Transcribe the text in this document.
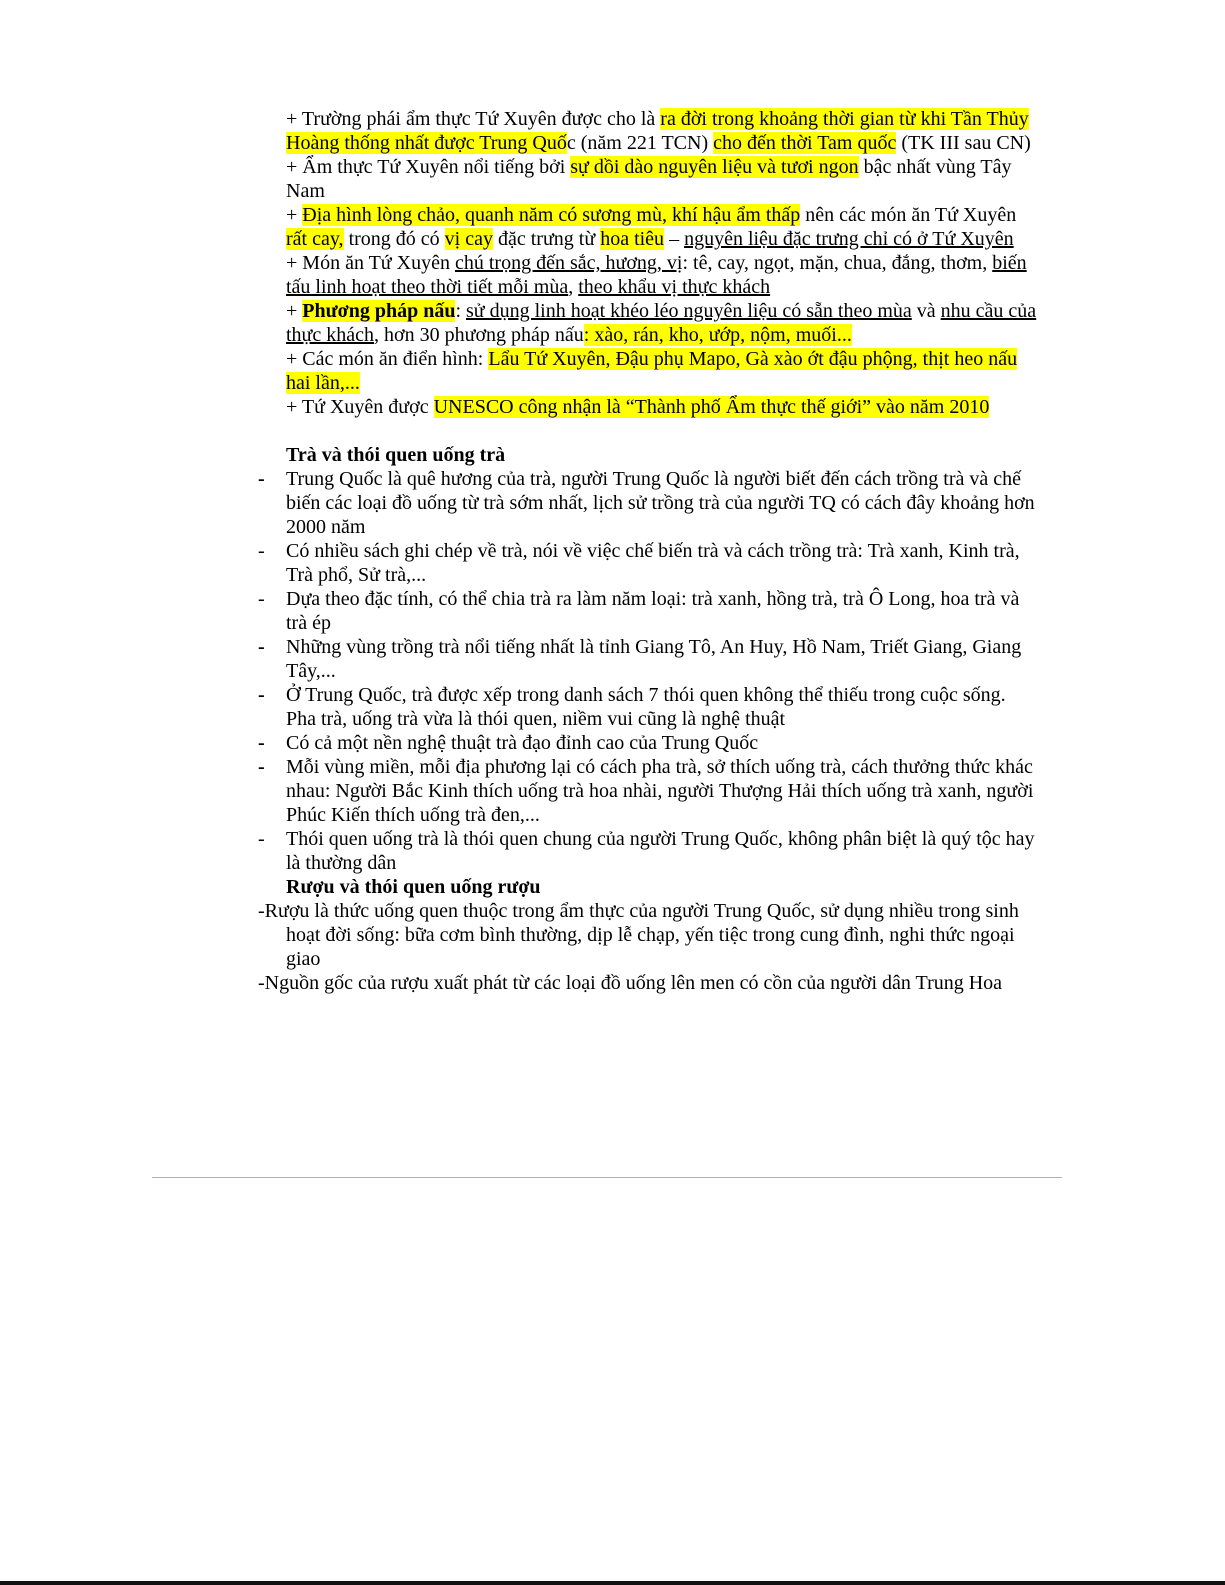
+ Trường phái ẩm thực Tứ Xuyên được cho là ra đời trong khoảng thời gian từ khi Tần Thủy Hoàng thống nhất được Trung Quốc (năm 221 TCN) cho đến thời Tam quốc (TK III sau CN)

+ Ẩm thực Tứ Xuyên nổi tiếng bởi sự dồi dào nguyên liệu và tươi ngon bậc nhất vùng Tây Nam

+ Địa hình lòng chảo, quanh năm có sương mù, khí hậu ẩm thấp nên các món ăn Tứ Xuyên rất cay, trong đó có vị cay đặc trưng từ hoa tiêu – nguyên liệu đặc trưng chỉ có ở Tứ Xuyên

+ Món ăn Tứ Xuyên chú trọng đến sắc, hương, vị: tê, cay, ngọt, mặn, chua, đắng, thơm, biến tấu linh hoạt theo thời tiết mỗi mùa, theo khẩu vị thực khách

+ Phương pháp nấu: sử dụng linh hoạt khéo léo nguyên liệu có sẵn theo mùa và nhu cầu của thực khách, hơn 30 phương pháp nấu: xào, rán, kho, ướp, nộm, muối...

+ Các món ăn điển hình: Lẩu Tứ Xuyên, Đậu phụ Mapo, Gà xào ớt đậu phộng, thịt heo nấu hai lần,...

+ Tứ Xuyên được UNESCO công nhận là “Thành phố Ẩm thực thế giới” vào năm 2010

Trà và thói quen uống trà

- Trung Quốc là quê hương của trà, người Trung Quốc là người biết đến cách trồng trà và chế biến các loại đồ uống từ trà sớm nhất, lịch sử trồng trà của người TQ có cách đây khoảng hơn 2000 năm

- Có nhiều sách ghi chép về trà, nói về việc chế biến trà và cách trồng trà: Trà xanh, Kinh trà, Trà phổ, Sử trà,...

- Dựa theo đặc tính, có thể chia trà ra làm năm loại: trà xanh, hồng trà, trà Ô Long, hoa trà và trà ép

- Những vùng trồng trà nổi tiếng nhất là tỉnh Giang Tô, An Huy, Hồ Nam, Triết Giang, Giang Tây,...

- Ở Trung Quốc, trà được xếp trong danh sách 7 thói quen không thể thiếu trong cuộc sống. Pha trà, uống trà vừa là thói quen, niềm vui cũng là nghệ thuật

- Có cả một nền nghệ thuật trà đạo đỉnh cao của Trung Quốc

- Mỗi vùng miền, mỗi địa phương lại có cách pha trà, sở thích uống trà, cách thưởng thức khác nhau: Người Bắc Kinh thích uống trà hoa nhài, người Thượng Hải thích uống trà xanh, người Phúc Kiến thích uống trà đen,...

- Thói quen uống trà là thói quen chung của người Trung Quốc, không phân biệt là quý tộc hay là thường dân

Rượu và thói quen uống rượu

-Rượu là thức uống quen thuộc trong ẩm thực của người Trung Quốc, sử dụng nhiều trong sinh hoạt đời sống: bữa cơm bình thường, dịp lễ chạp, yến tiệc trong cung đình, nghi thức ngoại giao

-Nguồn gốc của rượu xuất phát từ các loại đồ uống lên men có cồn của người dân Trung Hoa
